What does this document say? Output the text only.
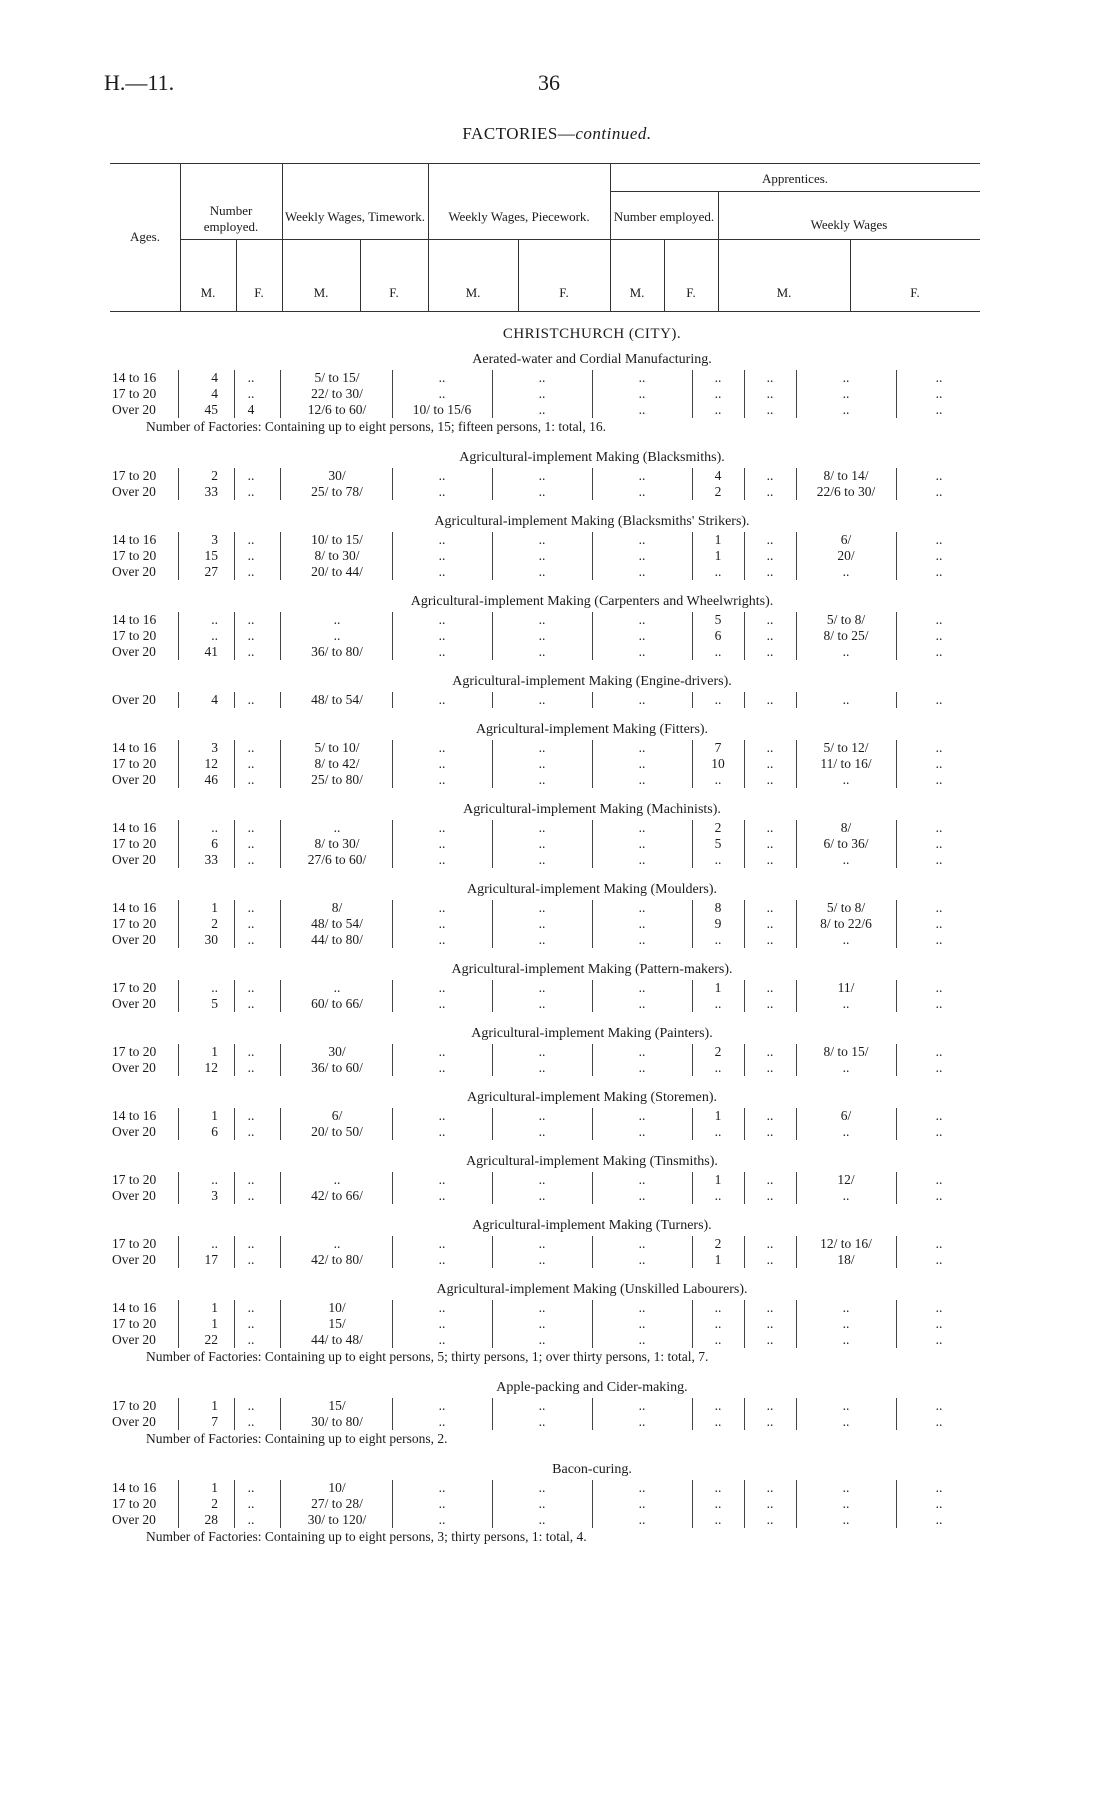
H.—11.	36
FACTORIES—continued.
Ages.
Number employed.
Weekly Wages, Timework.	Weekly Wages, Piecework.
Apprentices.
Number employed.
Weekly Wages
M.	F.	M.	F.	M.	F.	M.	F.	M.	F.
CHRISTCHURCH (CITY).
Aerated-water and Cordial Manufacturing.
14 to 16	4	..	5/ to 15/	..	..	..	..	..	..	..
17 to 20	4	..	22/ to 30/	..	..	..	..	..	..	..
Over 20	45	4	12/6 to 60/	10/ to 15/6	..	..	..	..	..	..
Number of Factories: Containing up to eight persons, 15; fifteen persons, 1: total, 16.
Agricultural-implement Making (Blacksmiths).
17 to 20	2	..	30/	..	..	..	4	..	8/ to 14/	..
Over 20	33	..	25/ to 78/	..	..	..	2	..	22/6 to 30/	..
Agricultural-implement Making (Blacksmiths' Strikers).
14 to 16	3	..	10/ to 15/	..	..	..	1	..	6/	..
17 to 20	15	..	8/ to 30/	..	..	..	1	..	20/	..
Over 20	27	..	20/ to 44/	..	..	..	..	..	..	..
Agricultural-implement Making (Carpenters and Wheelwrights).
14 to 16	..	..	..	..	..	..	5	..	5/ to 8/	..
17 to 20	..	..	..	..	..	..	6	..	8/ to 25/	..
Over 20	41	..	36/ to 80/	..	..	..	..	..	..	..
Agricultural-implement Making (Engine-drivers).
Over 20	4	..	48/ to 54/	..	..	..	..	..	..	..
Agricultural-implement Making (Fitters).
14 to 16	3	..	5/ to 10/	..	..	..	7	..	5/ to 12/	..
17 to 20	12	..	8/ to 42/	..	..	..	10	..	11/ to 16/	..
Over 20	46	..	25/ to 80/	..	..	..	..	..	..	..
Agricultural-implement Making (Machinists).
14 to 16	..	..	..	..	..	..	2	..	8/	..
17 to 20	6	..	8/ to 30/	..	..	..	5	..	6/ to 36/	..
Over 20	33	..	27/6 to 60/	..	..	..	..	..	..	..
Agricultural-implement Making (Moulders).
14 to 16	1	..	8/	..	..	..	8	..	5/ to 8/	..
17 to 20	2	..	48/ to 54/	..	..	..	9	..	8/ to 22/6	..
Over 20	30	..	44/ to 80/	..	..	..	..	..	..	..
Agricultural-implement Making (Pattern-makers).
17 to 20	..	..	..	..	..	..	1	..	11/	..
Over 20	5	..	60/ to 66/	..	..	..	..	..	..	..
Agricultural-implement Making (Painters).
17 to 20	1	..	30/	..	..	..	2	..	8/ to 15/	..
Over 20	12	..	36/ to 60/	..	..	..	..	..	..	..
Agricultural-implement Making (Storemen).
14 to 16	1	..	6/	..	..	..	1	..	6/	..
Over 20	6	..	20/ to 50/	..	..	..	..	..	..	..
Agricultural-implement Making (Tinsmiths).
17 to 20	..	..	..	..	..	..	1	..	12/	..
Over 20	3	..	42/ to 66/	..	..	..	..	..	..	..
Agricultural-implement Making (Turners).
17 to 20	..	..	..	..	..	..	2	..	12/ to 16/	..
Over 20	17	..	42/ to 80/	..	..	..	1	..	18/	..
Agricultural-implement Making (Unskilled Labourers).
14 to 16	1	..	10/	..	..	..	..	..	..	..
17 to 20	1	..	15/	..	..	..	..	..	..	..
Over 20	22	..	44/ to 48/	..	..	..	..	..	..	..
Number of Factories: Containing up to eight persons, 5; thirty persons, 1; over thirty persons, 1: total, 7.
Apple-packing and Cider-making.
17 to 20	1	..	15/	..	..	..	..	..	..	..
Over 20	7	..	30/ to 80/	..	..	..	..	..	..	..
Number of Factories: Containing up to eight persons, 2.
Bacon-curing.
14 to 16	1	..	10/	..	..	..	..	..	..	..
17 to 20	2	..	27/ to 28/	..	..	..	..	..	..	..
Over 20	28	..	30/ to 120/	..	..	..	..	..	..	..
Number of Factories: Containing up to eight persons, 3; thirty persons, 1: total, 4.
